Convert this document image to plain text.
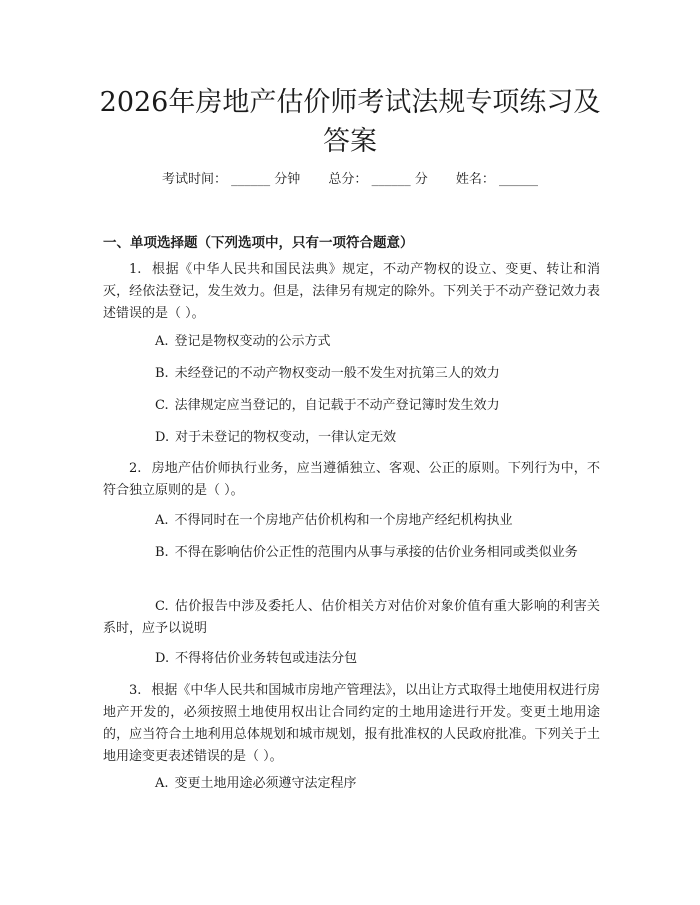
2026年房地产估价师考试法规专项练习及答案
考试时间： ______ 分钟 总分： ______ 分 姓名： ______
一、单项选择题（下列选项中，只有一项符合题意）
1. 根据《中华人民共和国民法典》规定，不动产物权的设立、变更、转让和消灭，经依法登记，发生效力。但是，法律另有规定的除外。下列关于不动产登记效力表述错误的是（ ）。
A. 登记是物权变动的公示方式
B. 未经登记的不动产物权变动一般不发生对抗第三人的效力
C. 法律规定应当登记的，自记载于不动产登记簿时发生效力
D. 对于未登记的物权变动，一律认定无效
2. 房地产估价师执行业务，应当遵循独立、客观、公正的原则。下列行为中，不符合独立原则的是（ ）。
A. 不得同时在一个房地产估价机构和一个房地产经纪机构执业
B. 不得在影响估价公正性的范围内从事与承接的估价业务相同或类似业务
C. 估价报告中涉及委托人、估价相关方对估价对象价值有重大影响的利害关系时，应予以说明
D. 不得将估价业务转包或违法分包
3. 根据《中华人民共和国城市房地产管理法》，以出让方式取得土地使用权进行房地产开发的，必须按照土地使用权出让合同约定的土地用途进行开发。变更土地用途的，应当符合土地利用总体规划和城市规划，报有批准权的人民政府批准。下列关于土地用途变更表述错误的是（ ）。
A. 变更土地用途必须遵守法定程序
